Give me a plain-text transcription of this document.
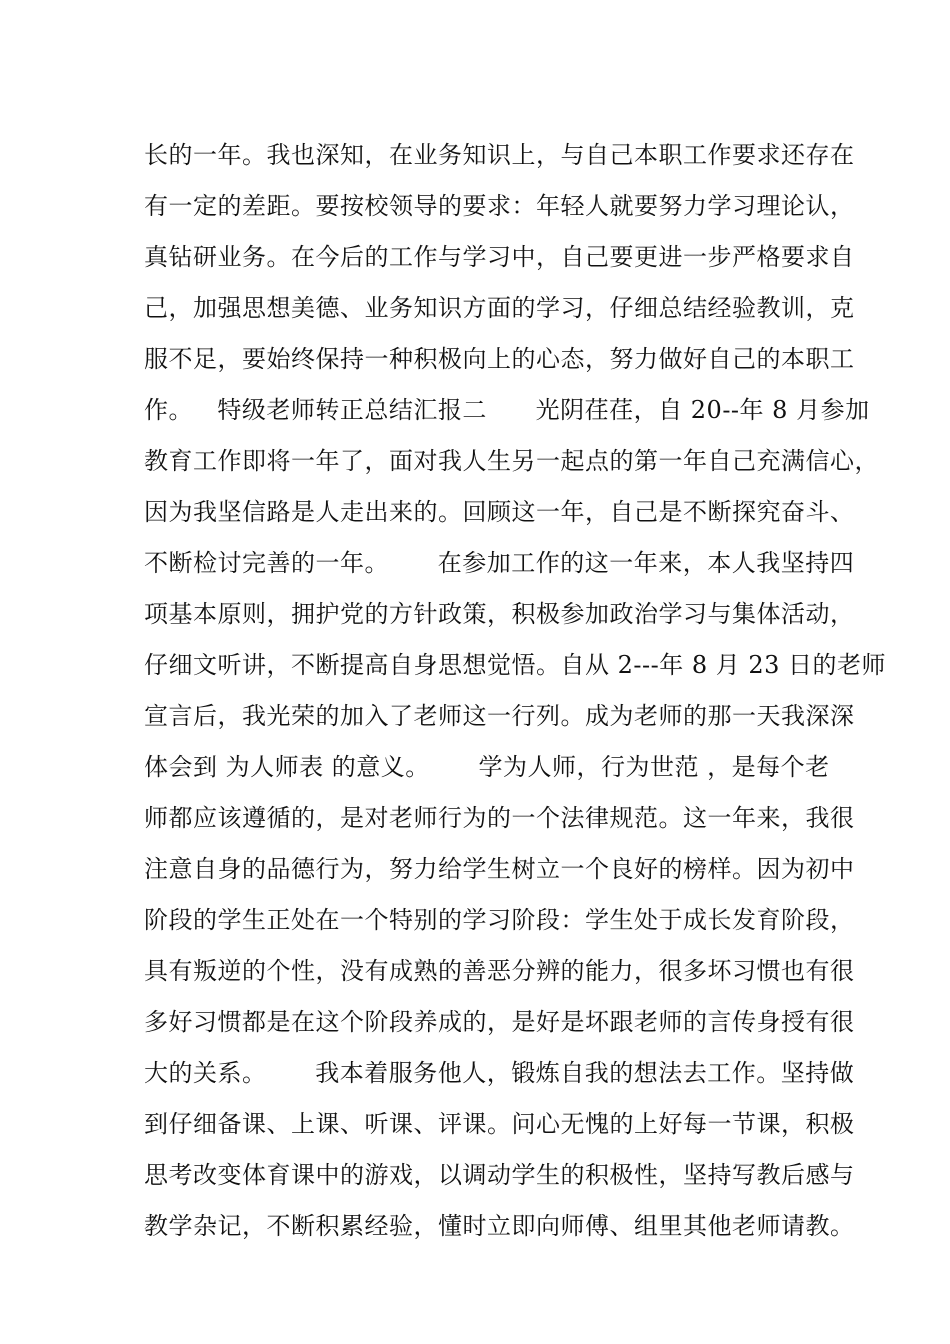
长的一年。我也深知，在业务知识上，与自己本职工作要求还存在
有一定的差距。要按校领导的要求：年轻人就要努力学习理论认，
真钻研业务。在今后的工作与学习中，自己要更进一步严格要求自
己，加强思想美德、业务知识方面的学习，仔细总结经验教训，克
服不足，要始终保持一种积极向上的心态，努力做好自己的本职工
作。   特级老师转正总结汇报二      光阴荏荏，自 20--年 8 月参加
教育工作即将一年了，面对我人生另一起点的第一年自己充满信心，
因为我坚信路是人走出来的。回顾这一年，自己是不断探究奋斗、
不断检讨完善的一年。      在参加工作的这一年来，本人我坚持四
项基本原则，拥护党的方针政策，积极参加政治学习与集体活动，
仔细文听讲，不断提高自身思想觉悟。自从 2---年 8 月 23 日的老师
宣言后，我光荣的加入了老师这一行列。成为老师的那一天我深深
体会到 为人师表 的意义。      学为人师，行为世范 ，是每个老
师都应该遵循的，是对老师行为的一个法律规范。这一年来，我很
注意自身的品德行为，努力给学生树立一个良好的榜样。因为初中
阶段的学生正处在一个特别的学习阶段：学生处于成长发育阶段，
具有叛逆的个性，没有成熟的善恶分辨的能力，很多坏习惯也有很
多好习惯都是在这个阶段养成的，是好是坏跟老师的言传身授有很
大的关系。      我本着服务他人，锻炼自我的想法去工作。坚持做
到仔细备课、上课、听课、评课。问心无愧的上好每一节课，积极
思考改变体育课中的游戏，以调动学生的积极性，坚持写教后感与
教学杂记，不断积累经验，懂时立即向师傅、组里其他老师请教。
